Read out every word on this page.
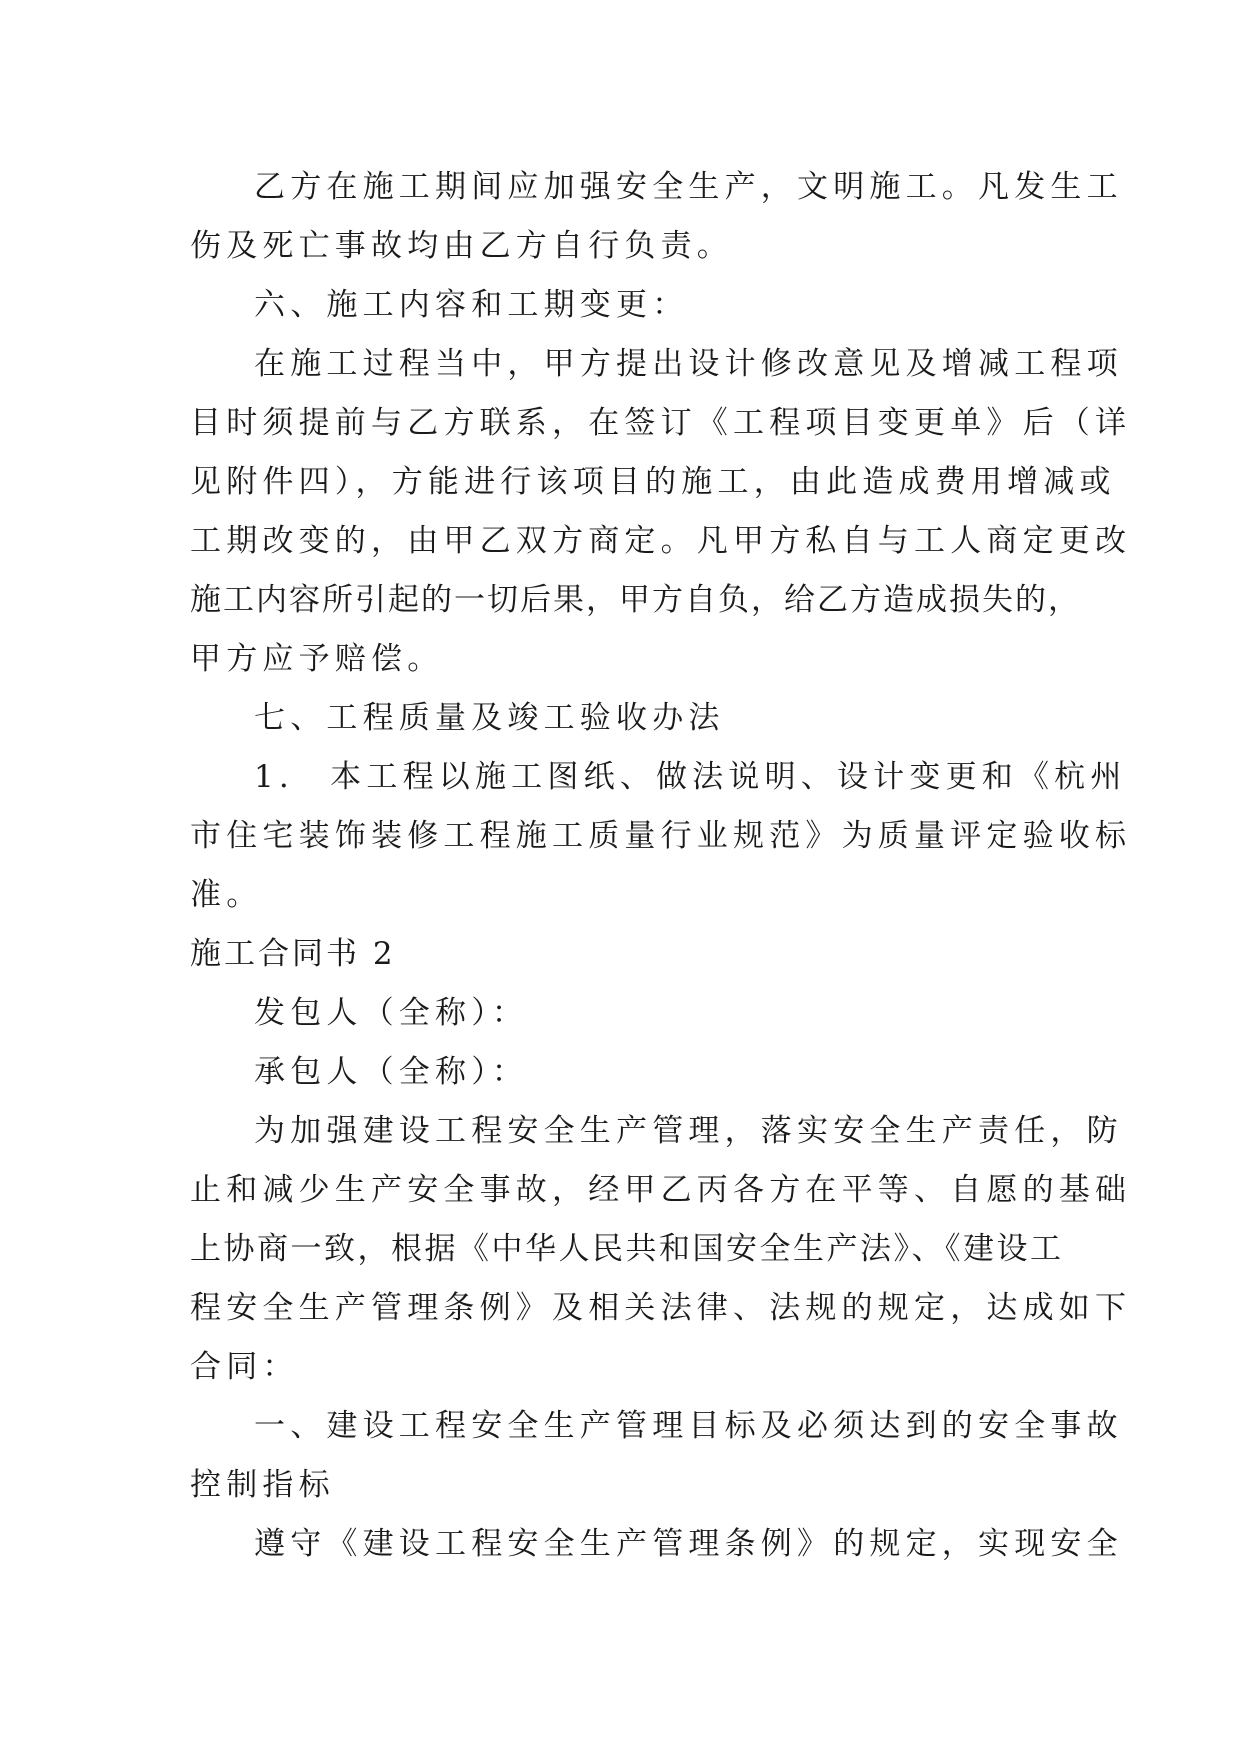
乙方在施工期间应加强安全生产，文明施工。凡发生工
伤及死亡事故均由乙方自行负责。
六、施工内容和工期变更：
在施工过程当中，甲方提出设计修改意见及增减工程项
目时须提前与乙方联系，在签订《工程项目变更单》后（详
见附件四），方能进行该项目的施工，由此造成费用增减或
工期改变的，由甲乙双方商定。凡甲方私自与工人商定更改
施工内容所引起的一切后果，甲方自负，给乙方造成损失的，
甲方应予赔偿。
七、工程质量及竣工验收办法
1.　本工程以施工图纸、做法说明、设计变更和《杭州
市住宅装饰装修工程施工质量行业规范》为质量评定验收标
准。
施工合同书 2
发包人（全称）：
承包人（全称）：
为加强建设工程安全生产管理，落实安全生产责任，防
止和减少生产安全事故，经甲乙丙各方在平等、自愿的基础
上协商一致，根据《中华人民共和国安全生产法》、《建设工
程安全生产管理条例》及相关法律、法规的规定，达成如下
合同：
一、建设工程安全生产管理目标及必须达到的安全事故
控制指标
遵守《建设工程安全生产管理条例》的规定，实现安全
